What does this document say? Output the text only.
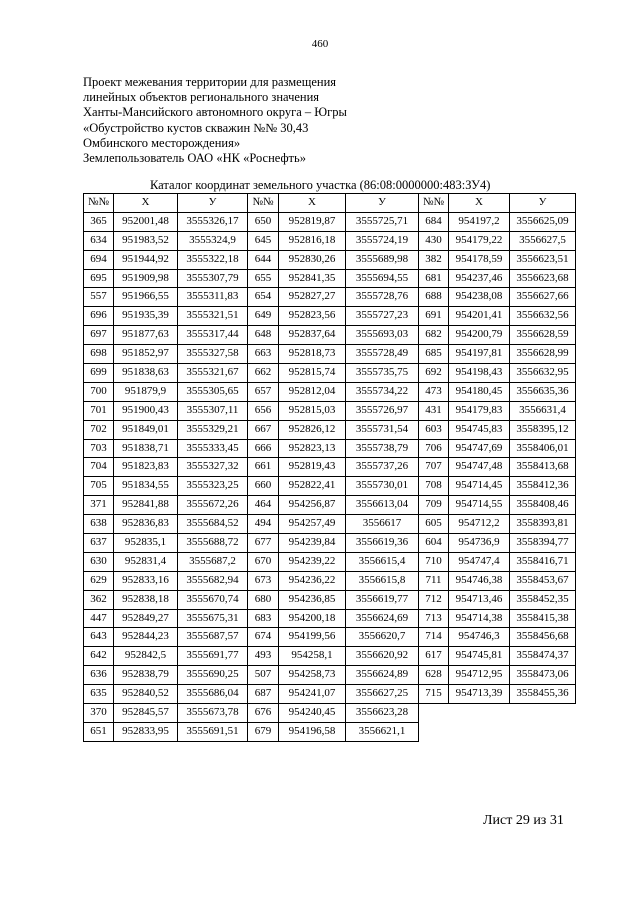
460
Проект межевания территории для размещения
линейных объектов регионального значения
Ханты-Мансийского автономного округа – Югры
«Обустройство кустов скважин №№ 30,43
Омбинского месторождения»
Землепользователь ОАО «НК «Роснефть»
Каталог координат земельного участка (86:08:0000000:483:ЗУ4)
№№	Х	У	№№	Х	У	№№	Х	У
365	952001,48	3555326,17	650	952819,87	3555725,71	684	954197,2	3556625,09
634	951983,52	3555324,9	645	952816,18	3555724,19	430	954179,22	3556627,5
694	951944,92	3555322,18	644	952830,26	3555689,98	382	954178,59	3556623,51
695	951909,98	3555307,79	655	952841,35	3555694,55	681	954237,46	3556623,68
557	951966,55	3555311,83	654	952827,27	3555728,76	688	954238,08	3556627,66
696	951935,39	3555321,51	649	952823,56	3555727,23	691	954201,41	3556632,56
697	951877,63	3555317,44	648	952837,64	3555693,03	682	954200,79	3556628,59
698	951852,97	3555327,58	663	952818,73	3555728,49	685	954197,81	3556628,99
699	951838,63	3555321,67	662	952815,74	3555735,75	692	954198,43	3556632,95
700	951879,9	3555305,65	657	952812,04	3555734,22	473	954180,45	3556635,36
701	951900,43	3555307,11	656	952815,03	3555726,97	431	954179,83	3556631,4
702	951849,01	3555329,21	667	952826,12	3555731,54	603	954745,83	3558395,12
703	951838,71	3555333,45	666	952823,13	3555738,79	706	954747,69	3558406,01
704	951823,83	3555327,32	661	952819,43	3555737,26	707	954747,48	3558413,68
705	951834,55	3555323,25	660	952822,41	3555730,01	708	954714,45	3558412,36
371	952841,88	3555672,26	464	954256,87	3556613,04	709	954714,55	3558408,46
638	952836,83	3555684,52	494	954257,49	3556617	605	954712,2	3558393,81
637	952835,1	3555688,72	677	954239,84	3556619,36	604	954736,9	3558394,77
630	952831,4	3555687,2	670	954239,22	3556615,4	710	954747,4	3558416,71
629	952833,16	3555682,94	673	954236,22	3556615,8	711	954746,38	3558453,67
362	952838,18	3555670,74	680	954236,85	3556619,77	712	954713,46	3558452,35
447	952849,27	3555675,31	683	954200,18	3556624,69	713	954714,38	3558415,38
643	952844,23	3555687,57	674	954199,56	3556620,7	714	954746,3	3558456,68
642	952842,5	3555691,77	493	954258,1	3556620,92	617	954745,81	3558474,37
636	952838,79	3555690,25	507	954258,73	3556624,89	628	954712,95	3558473,06
635	952840,52	3555686,04	687	954241,07	3556627,25	715	954713,39	3558455,36
370	952845,57	3555673,78	676	954240,45	3556623,28			
651	952833,95	3555691,51	679	954196,58	3556621,1			
Лист 29 из 31
